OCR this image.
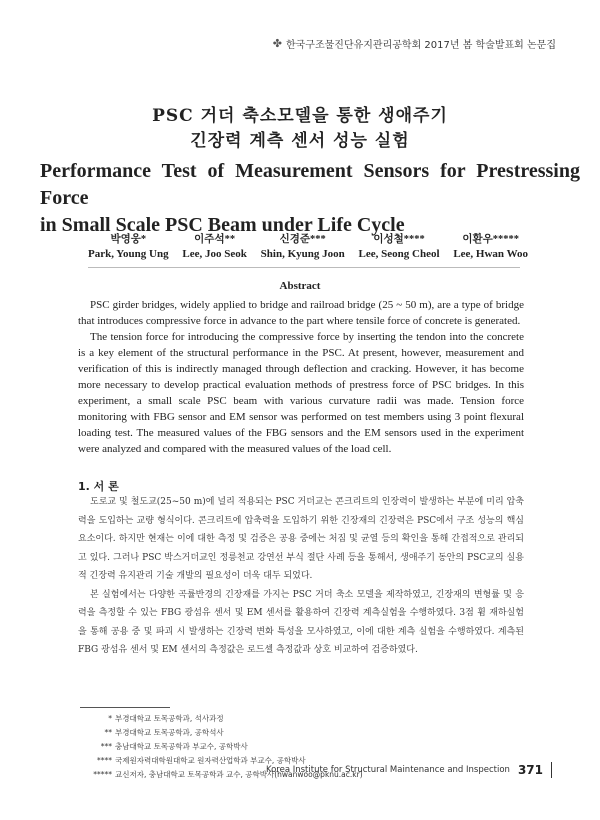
✤ 한국구조물진단유지관리공학회 2017년 봄 학술발표회 논문집
PSC 거더 축소모델을 통한 생애주기
긴장력 계측 센서 성능 실험
Performance Test of Measurement Sensors for Prestressing Force
in Small Scale PSC Beam under Life Cycle
박영웅*
Park, Young Ung
이주석**
Lee, Joo Seok
신경준***
Shin, Kyung Joon
이성철****
Lee, Seong Cheol
이환우*****
Lee, Hwan Woo
Abstract

PSC girder bridges, widely applied to bridge and railroad bridge (25 ~ 50 m), are a type of bridge that introduces compressive force in advance to the part where tensile force of concrete is generated.

The tension force for introducing the compressive force by inserting the tendon into the concrete is a key element of the structural performance in the PSC. At present, however, measurement and verification of this is indirectly managed through deflection and cracking. However, it has become more necessary to develop practical evaluation methods of prestress force of PSC bridges. In this experiment, a small scale PSC beam with various curvature radii was made. Tension force monitoring with FBG sensor and EM sensor was performed on test members using 3 point flexural loading test. The measured values of the FBG sensors and the EM sensors used in the experiment were analyzed and compared with the measured values of the load cell.

1. 서 론

도로교 및 철도교(25~50 m)에 널리 적용되는 PSC 거더교는 콘크리트의 인장력이 발생하는 부분에 미리 압축력을 도입하는 교량 형식이다. 콘크리트에 압축력을 도입하기 위한 긴장재의 긴장력은 PSC에서 구조 성능의 핵심 요소이다. 하지만 현재는 이에 대한 측정 및 검증은 공용 중에는 처짐 및 균열 등의 확인을 통해 간접적으로 관리되고 있다. 그러나 PSC 박스거더교인 정릉천교 강연선 부식 절단 사례 등을 통해서, 생애주기 동안의 PSC교의 실용적 긴장력 유지관리 기술 개발의 필요성이 더욱 대두 되었다.

본 실험에서는 다양한 곡률반경의 긴장재를 가지는 PSC 거더 축소 모델을 제작하였고, 긴장재의 변형률 및 응력을 측정할 수 있는 FBG 광섬유 센서 및 EM 센서를 활용하여 긴장력 계측실험을 수행하였다. 3점 휨 재하실험을 통해 공용 중 및 파괴 시 발생하는 긴장력 변화 특성을 모사하였고, 이에 대한 계측 실험을 수행하였다. 계측된 FBG 광섬유 센서 및 EM 센서의 측정값은 로드셀 측정값과 상호 비교하여 검증하였다.

* 부경대학교 토목공학과, 석사과정
** 부경대학교 토목공학과, 공학석사
*** 충남대학교 토목공학과 부교수, 공학박사
**** 국제원자력대학원대학교 원자력산업학과 부교수, 공학박사
***** 교신저자, 충남대학교 토목공학과 교수, 공학박사(hwanwoo@pknu.ac.kr)
Korea Institute for Structural Maintenance and Inspection 371
